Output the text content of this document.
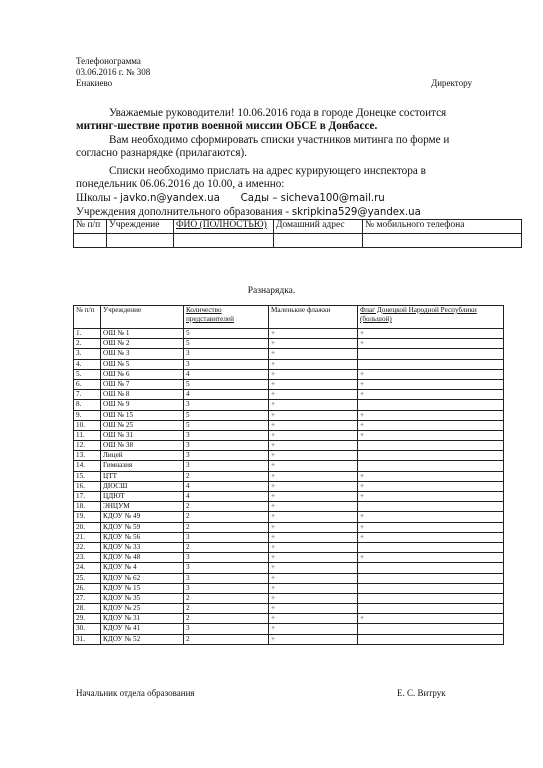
Телефонограмма
03.06.2016 г. № 308
Енакиево	Директору
Уважаемые руководители! 10.06.2016 года в городе Донецке состоится
митинг-шествие против военной миссии ОБСЕ в Донбассе.
Вам необходимо сформировать списки участников митинга по форме и
согласно разнарядке (прилагаются).
Списки необходимо прислать на адрес курирующего инспектора в
понедельник 06.06.2016 до 10.00, а именно:
Школы - javko.n@yandex.ua Сады – sicheva100@mail.ru
Учреждения дополнительного образования - skripkina529@yandex.ua
№ п/п	Учреждение	ФИО (ПОЛНОСТЬЮ)	Домашний адрес	№ мобильного телефона

Разнарядка.
№ п/п	Учреждение	Количество представителей	Маленькие флажки	Флаг Донецкой Народной Республики (большой)
1.	ОШ № 1	5	+	+
2.	ОШ № 2	5	+	+
3.	ОШ № 3	3	+	
4.	ОШ № 5	3	+	
5.	ОШ № 6	4	+	+
6.	ОШ № 7	5	+	+
7.	ОШ № 8	4	+	+
8.	ОШ № 9	3	+	
9.	ОШ № 15	5	+	+
10.	ОШ № 25	5	+	+
11.	ОШ № 31	3	+	+
12.	ОШ № 38	3	+	
13.	Лицей	3	+	
14.	Гимназия	3	+	
15.	ЦТТ	2	+	+
16.	ДЮСШ	4	+	+
17.	ЦДЮТ	4	+	+
18.	ЭНЦУМ	2	+	
19.	КДОУ № 49	2	+	+
20.	КДОУ № 59	2	+	+
21.	КДОУ № 56	3	+	+
22.	КДОУ № 33	2	+	
23.	КДОУ № 48	3	+	+
24.	КДОУ № 4	3	+	
25.	КДОУ № 62	3	+	
26.	КДОУ № 15	3	+	
27.	КДОУ № 35	2	+	
28.	КДОУ № 25	2	+	
29.	КДОУ № 31	2	+	+
30.	КДОУ № 41	3	+	
31.	КДОУ № 52	2	+	
Начальник отдела образования	Е. С. Витрук
